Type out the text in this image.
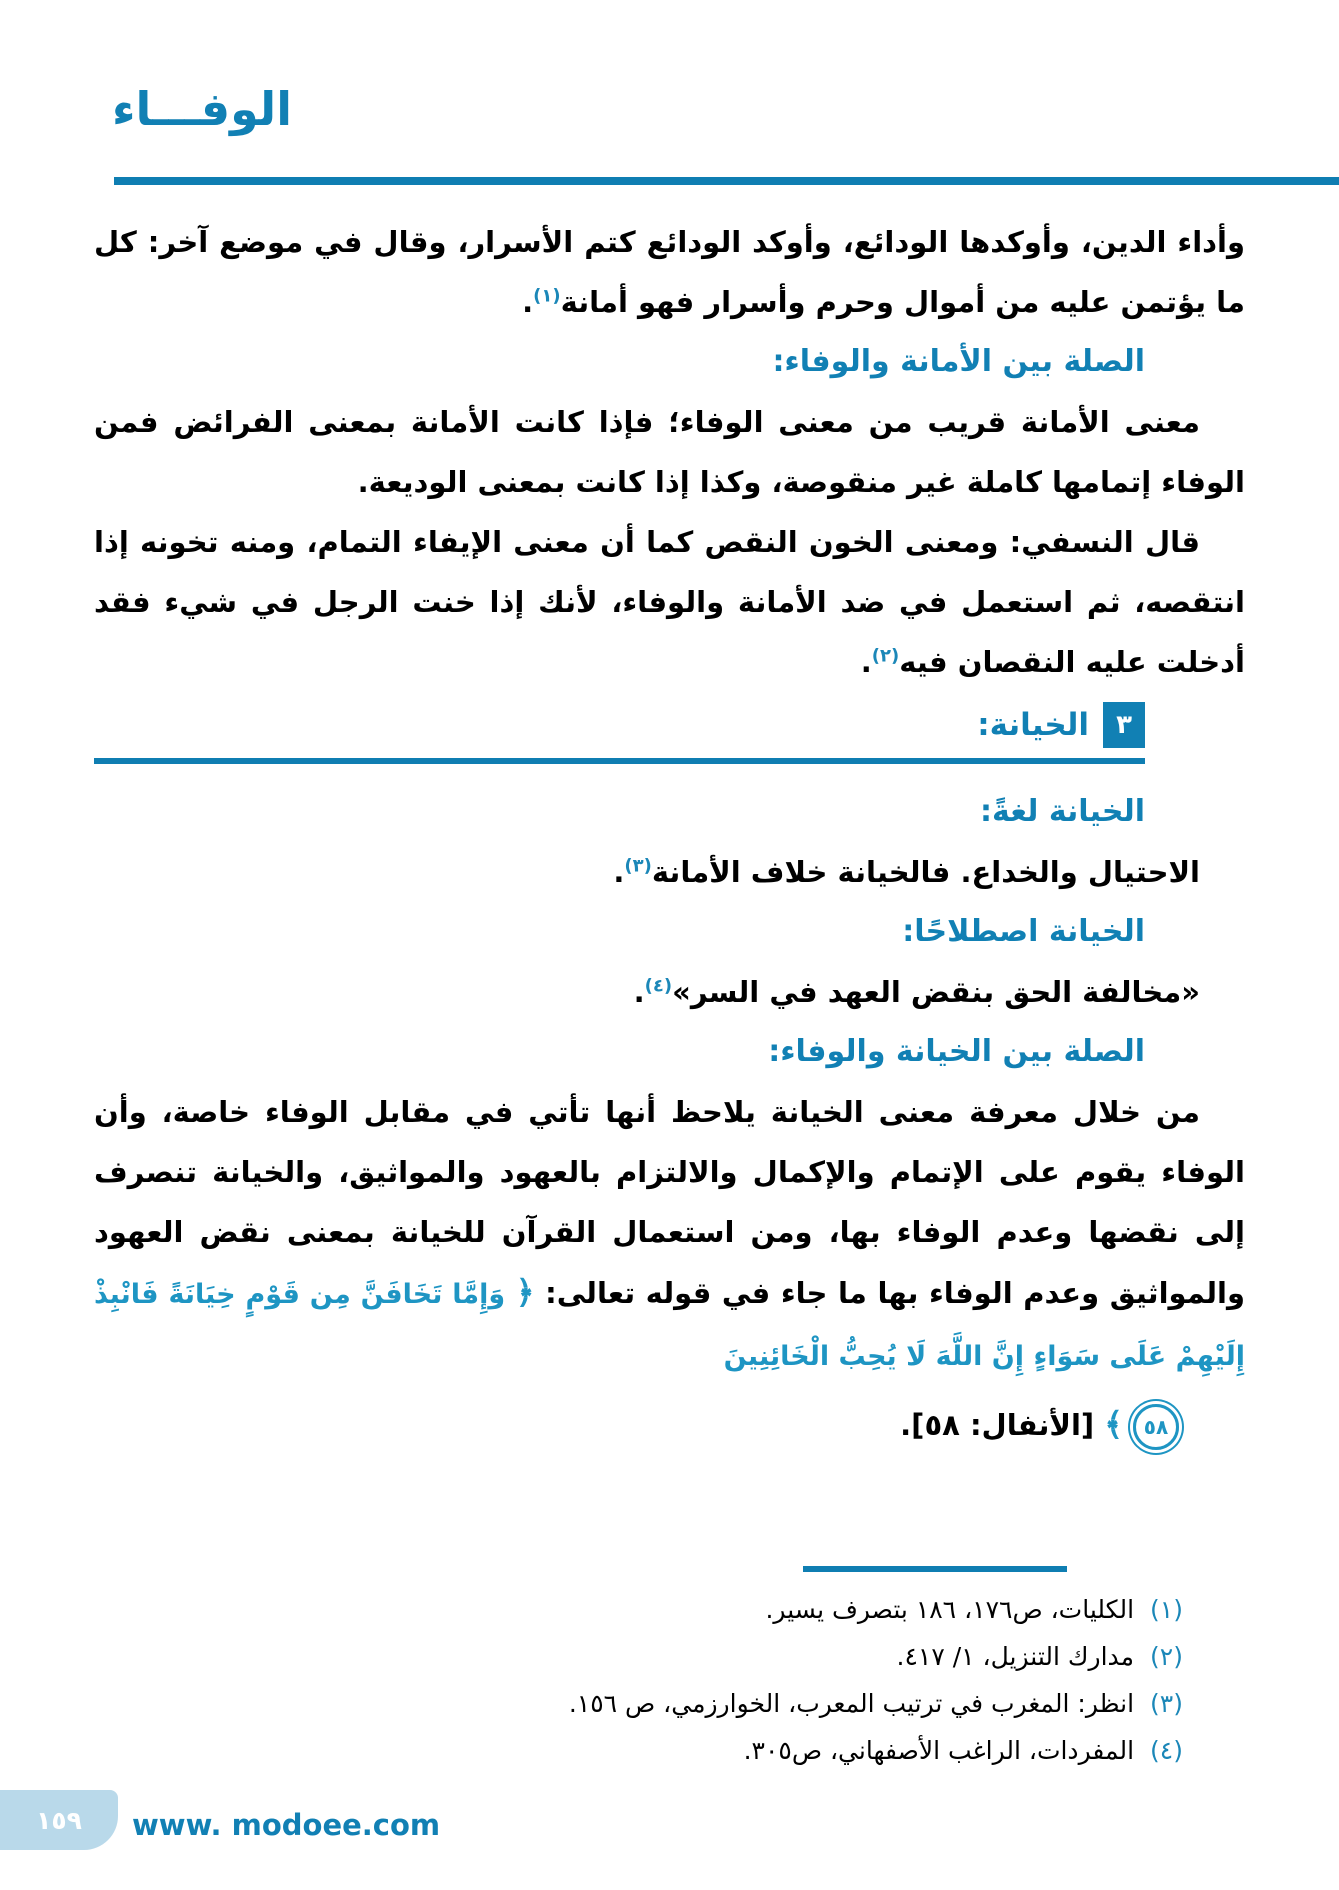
الوفـــاء

وأداء الدين، وأوكدها الودائع، وأوكد الودائع كتم الأسرار، وقال في موضع آخر: كل ما يؤتمن عليه من أموال وحرم وأسرار فهو أمانة$^{(١)}$.

الصلة بين الأمانة والوفاء:

معنى الأمانة قريب من معنى الوفاء؛ فإذا كانت الأمانة بمعنى الفرائض فمن الوفاء إتمامها كاملة غير منقوصة، وكذا إذا كانت بمعنى الوديعة.

قال النسفي: ومعنى الخون النقص كما أن معنى الإيفاء التمام، ومنه تخونه إذا انتقصه، ثم استعمل في ضد الأمانة والوفاء، لأنك إذا خنت الرجل في شيء فقد أدخلت عليه النقصان فيه$^{(٢)}$.

٣
الخيانة:
الخيانة لغةً:

الاحتيال والخداع. فالخيانة خلاف الأمانة$^{(٣)}$.

الخيانة اصطلاحًا:

«مخالفة الحق بنقض العهد في السر»$^{(٤)}$.

الصلة بين الخيانة والوفاء:

من خلال معرفة معنى الخيانة يلاحظ أنها تأتي في مقابل الوفاء خاصة، وأن الوفاء يقوم على الإتمام والإكمال والالتزام بالعهود والمواثيق، والخيانة تنصرف إلى نقضها وعدم الوفاء بها، ومن استعمال القرآن للخيانة بمعنى نقض العهود والمواثيق وعدم الوفاء بها ما جاء في قوله تعالى: ﴿ وَإِمَّا تَخَافَنَّ مِن قَوْمٍ خِيَانَةً فَانْبِذْ إِلَيْهِمْ عَلَى سَوَاءٍ إِنَّ اللَّهَ لَا يُحِبُّ الْخَائِنِينَ

٥٨﴾ [الأنفال: ٥٨].
(١)الكليات، ص١٧٦، ١٨٦ بتصرف يسير.
(٢)مدارك التنزيل، ١/ ٤١٧.
(٣)انظر: المغرب في ترتيب المعرب، الخوارزمي، ص ١٥٦.
(٤)المفردات، الراغب الأصفهاني، ص٣٠٥.
١٥٩	www. modoee.com
